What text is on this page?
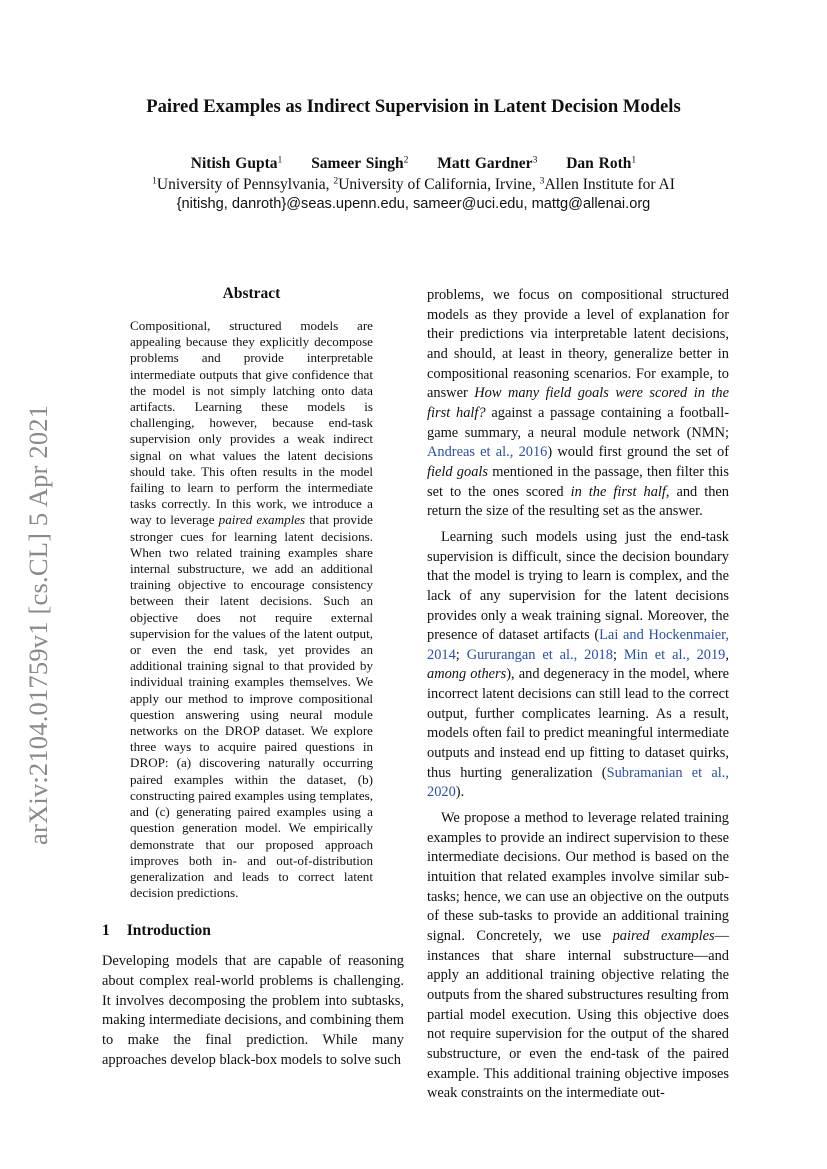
arXiv:2104.01759v1 [cs.CL] 5 Apr 2021
Paired Examples as Indirect Supervision in Latent Decision Models
Nitish Gupta$^1$ Sameer Singh$^2$ Matt Gardner$^3$ Dan Roth$^1$
$^1$University of Pennsylvania, $^2$University of California, Irvine, $^3$Allen Institute for AI
{nitishg, danroth}@seas.upenn.edu, sameer@uci.edu, mattg@allenai.org
Abstract
Compositional, structured models are appealing because they explicitly decompose problems and provide interpretable intermediate outputs that give confidence that the model is not simply latching onto data artifacts. Learning these models is challenging, however, because end-task supervision only provides a weak indirect signal on what values the latent decisions should take. This often results in the model failing to learn to perform the intermediate tasks correctly. In this work, we introduce a way to leverage paired examples that provide stronger cues for learning latent decisions. When two related training examples share internal substructure, we add an additional training objective to encourage consistency between their latent decisions. Such an objective does not require external supervision for the values of the latent output, or even the end task, yet provides an additional training signal to that provided by individual training examples themselves. We apply our method to improve compositional question answering using neural module networks on the DROP dataset. We explore three ways to acquire paired questions in DROP: (a) discovering naturally occurring paired examples within the dataset, (b) constructing paired examples using templates, and (c) generating paired examples using a question generation model. We empirically demonstrate that our proposed approach improves both in- and out-of-distribution generalization and leads to correct latent decision predictions.
1 Introduction
Developing models that are capable of reasoning about complex real-world problems is challenging. It involves decomposing the problem into subtasks, making intermediate decisions, and combining them to make the final prediction. While many approaches develop black-box models to solve such

problems, we focus on compositional structured models as they provide a level of explanation for their predictions via interpretable latent decisions, and should, at least in theory, generalize better in compositional reasoning scenarios. For example, to answer How many field goals were scored in the first half? against a passage containing a football-game summary, a neural module network (NMN; Andreas et al., 2016) would first ground the set of field goals mentioned in the passage, then filter this set to the ones scored in the first half, and then return the size of the resulting set as the answer.

Learning such models using just the end-task supervision is difficult, since the decision boundary that the model is trying to learn is complex, and the lack of any supervision for the latent decisions provides only a weak training signal. Moreover, the presence of dataset artifacts (Lai and Hockenmaier, 2014; Gururangan et al., 2018; Min et al., 2019, among others), and degeneracy in the model, where incorrect latent decisions can still lead to the correct output, further complicates learning. As a result, models often fail to predict meaningful intermediate outputs and instead end up fitting to dataset quirks, thus hurting generalization (Subramanian et al., 2020).

We propose a method to leverage related training examples to provide an indirect supervision to these intermediate decisions. Our method is based on the intuition that related examples involve similar sub-tasks; hence, we can use an objective on the outputs of these sub-tasks to provide an additional training signal. Concretely, we use paired examples—instances that share internal substructure—and apply an additional training objective relating the outputs from the shared substructures resulting from partial model execution. Using this objective does not require supervision for the output of the shared substructure, or even the end-task of the paired example. This additional training objective imposes weak constraints on the intermediate out-
